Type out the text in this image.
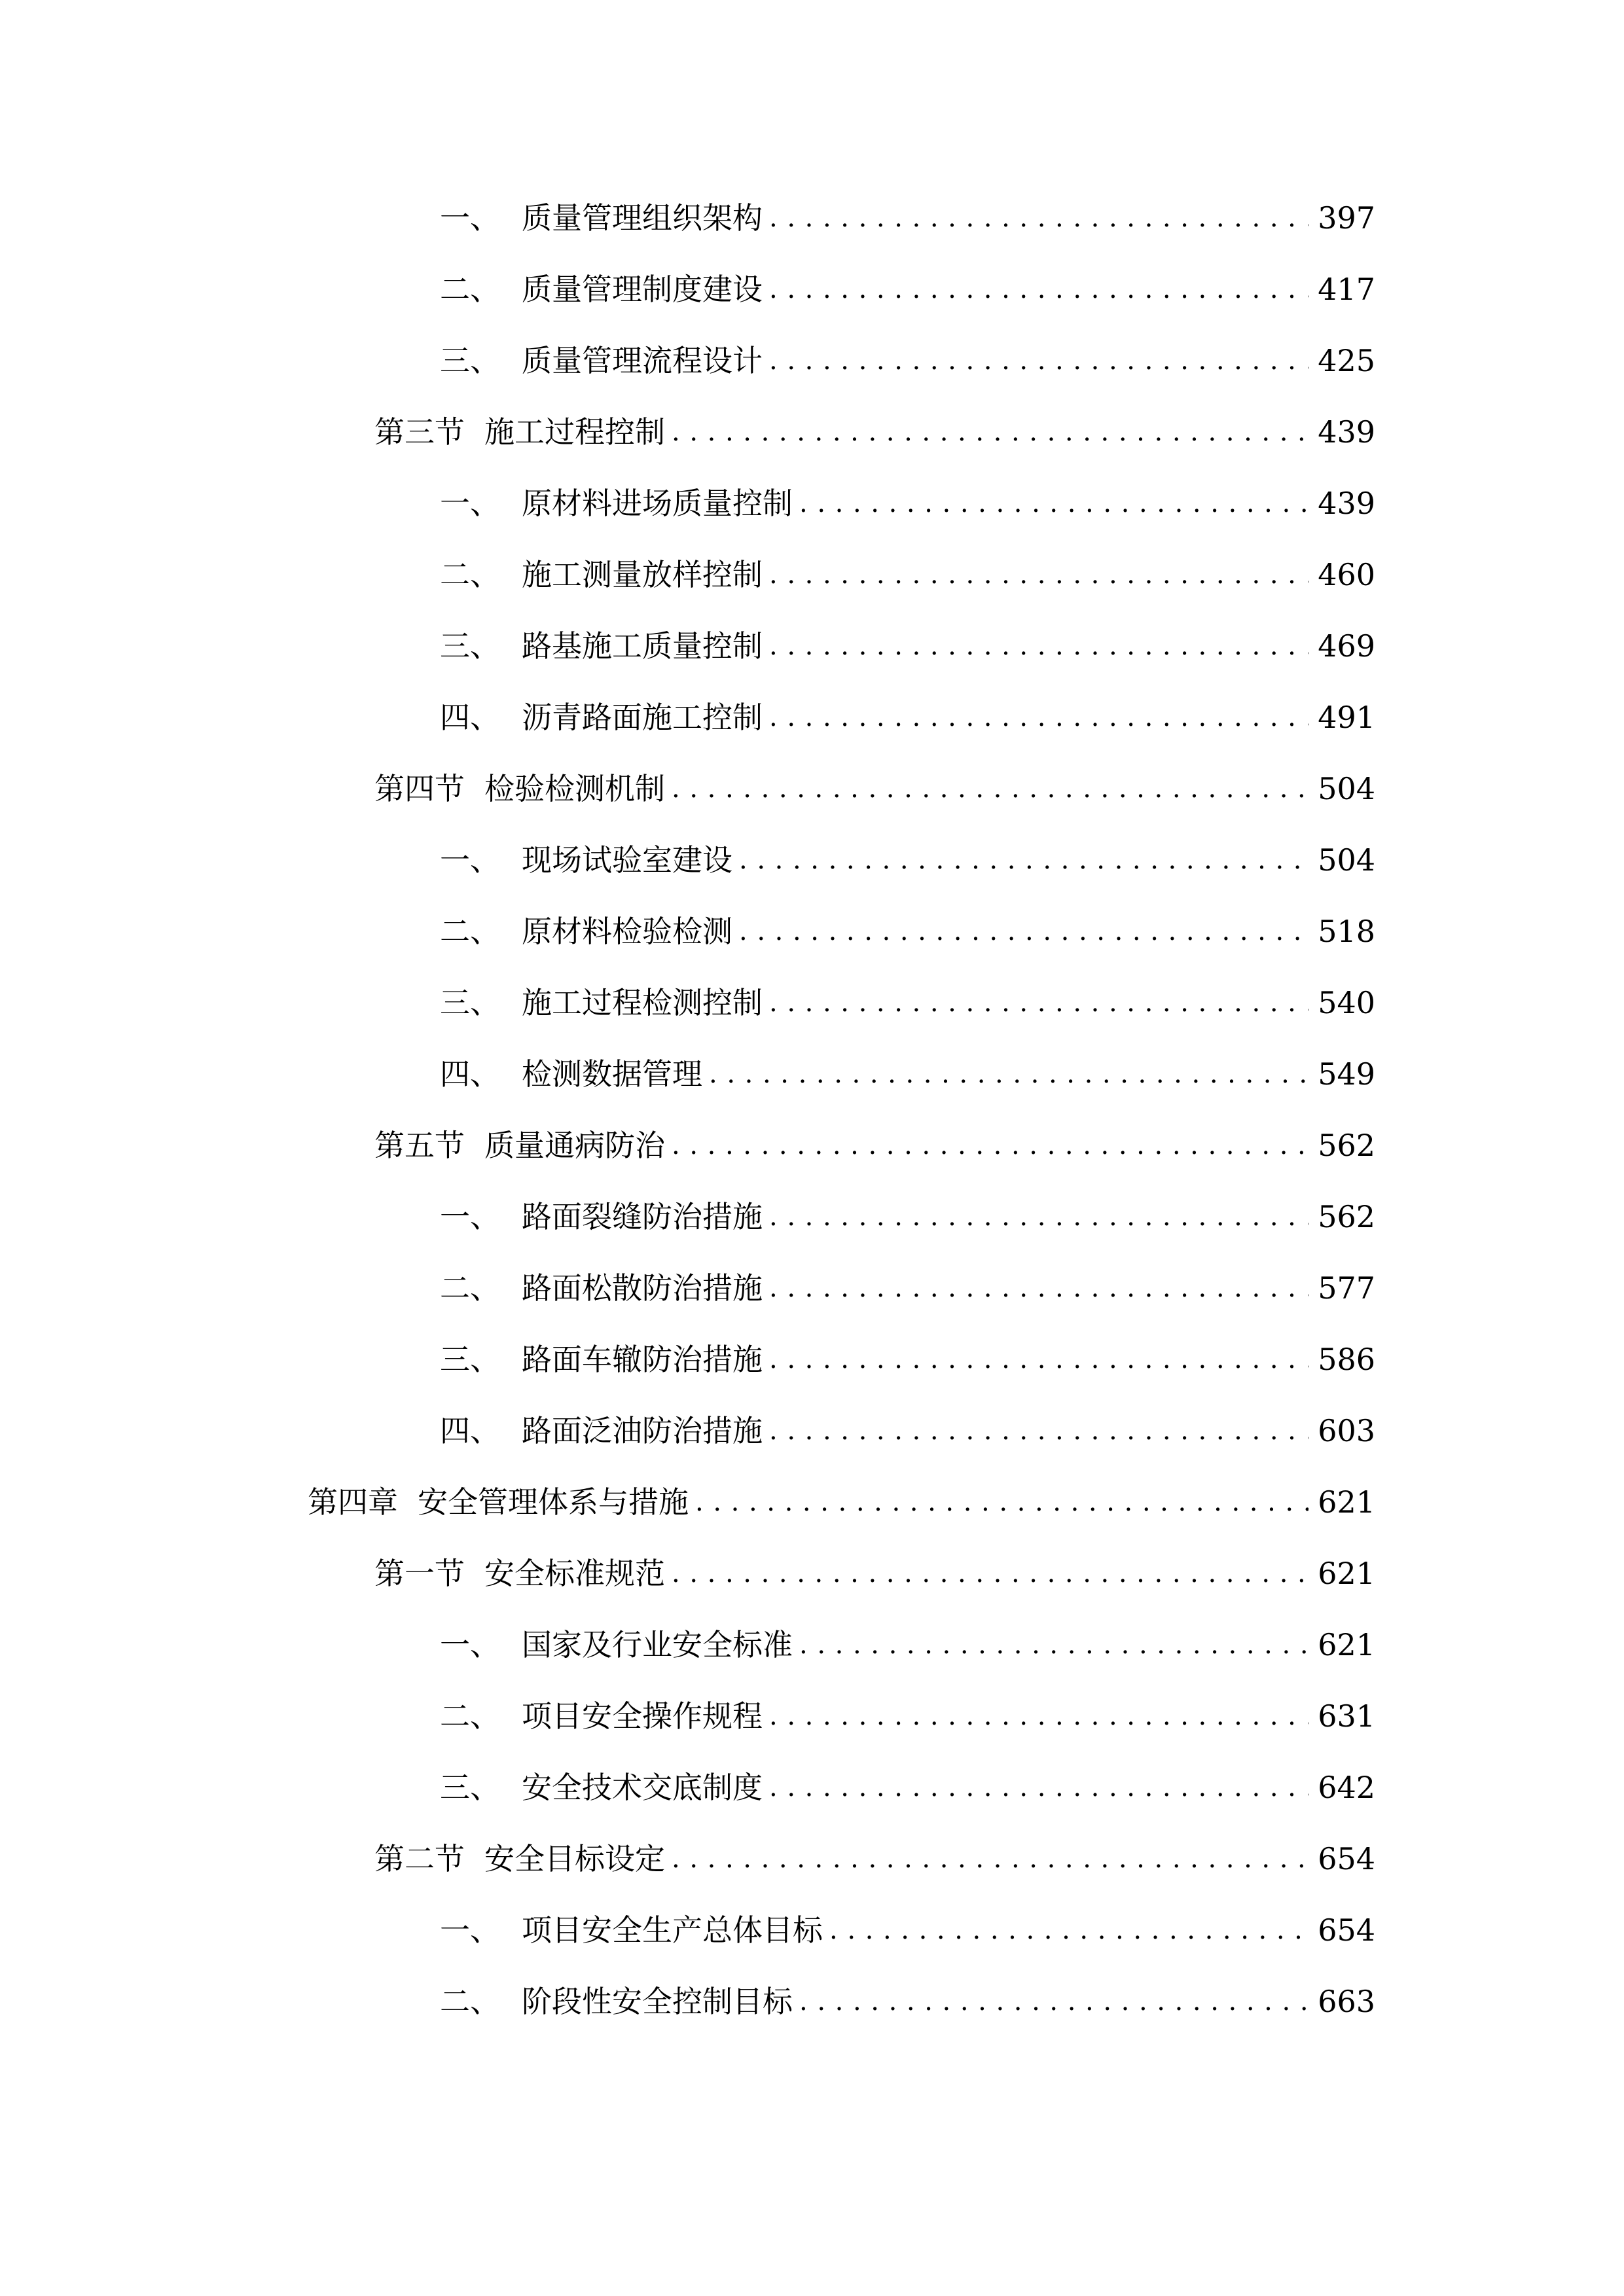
一、 质量管理组织架构 .....	397
二、 质量管理制度建设 .....	417
三、 质量管理流程设计 .....	425
第三节 施工过程控制 .....	439
一、 原材料进场质量控制 .....	439
二、 施工测量放样控制 .....	460
三、 路基施工质量控制 .....	469
四、 沥青路面施工控制 .....	491
第四节 检验检测机制 .....	504
一、 现场试验室建设 .....	504
二、 原材料检验检测 .....	518
三、 施工过程检测控制 .....	540
四、 检测数据管理 .....	549
第五节 质量通病防治 .....	562
一、 路面裂缝防治措施 .....	562
二、 路面松散防治措施 .....	577
三、 路面车辙防治措施 .....	586
四、 路面泛油防治措施 .....	603
第四章 安全管理体系与措施 .....	621
第一节 安全标准规范 .....	621
一、 国家及行业安全标准 .....	621
二、 项目安全操作规程 .....	631
三、 安全技术交底制度 .....	642
第二节 安全目标设定 .....	654
一、 项目安全生产总体目标 .....	654
二、 阶段性安全控制目标 .....	663
